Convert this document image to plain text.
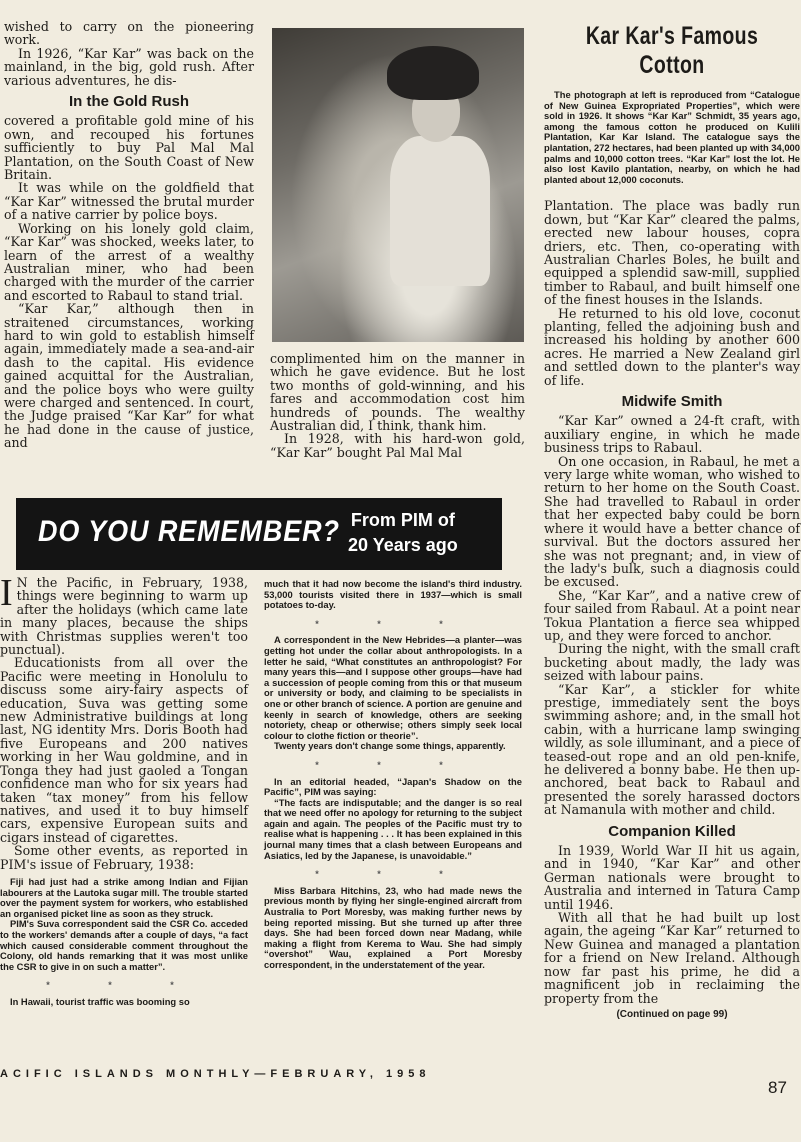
wished to carry on the pioneering work.

In 1926, “Kar Kar” was back on the mainland, in the big, gold rush. After various adventures, he dis-

In the Gold Rush

covered a profitable gold mine of his own, and recouped his fortunes sufficiently to buy Pal Mal Mal Plantation, on the South Coast of New Britain.

It was while on the goldfield that “Kar Kar” witnessed the brutal murder of a native carrier by police boys.

Working on his lonely gold claim, “Kar Kar” was shocked, weeks later, to learn of the arrest of a wealthy Australian miner, who had been charged with the murder of the carrier and escorted to Rabaul to stand trial.

“Kar Kar,” although then in straitened circumstances, working hard to win gold to establish himself again, immediately made a sea-and-air dash to the capital. His evidence gained acquittal for the Australian, and the police boys who were guilty were charged and sentenced. In court, the Judge praised “Kar Kar” for what he had done in the cause of justice, and

complimented him on the manner in which he gave evidence. But he lost two months of gold-winning, and his fares and accommodation cost him hundreds of pounds. The wealthy Australian did, I think, thank him.

In 1928, with his hard-won gold, “Kar Kar” bought Pal Mal Mal

Kar Kar's Famous Cotton

The photograph at left is reproduced from “Catalogue of New Guinea Expropriated Properties”, which were sold in 1926. It shows “Kar Kar” Schmidt, 35 years ago, among the famous cotton he produced on Kulili Plantation, Kar Kar Island. The catalogue says the plantation, 272 hectares, had been planted up with 34,000 palms and 10,000 cotton trees. “Kar Kar” lost the lot. He also lost Kavilo plantation, nearby, on which he had planted about 12,000 coconuts.

Plantation. The place was badly run down, but “Kar Kar” cleared the palms, erected new labour houses, copra driers, etc. Then, co-operating with Australian Charles Boles, he built and equipped a splendid saw-mill, supplied timber to Rabaul, and built himself one of the finest houses in the Islands.

He returned to his old love, coconut planting, felled the adjoining bush and increased his holding by another 600 acres. He married a New Zealand girl and settled down to the planter's way of life.

Midwife Smith

“Kar Kar” owned a 24-ft craft, with auxiliary engine, in which he made business trips to Rabaul.

On one occasion, in Rabaul, he met a very large white woman, who wished to return to her home on the South Coast. She had travelled to Rabaul in order that her expected baby could be born where it would have a better chance of survival. But the doctors assured her she was not pregnant; and, in view of the lady's bulk, such a diagnosis could be excused.

She, “Kar Kar”, and a native crew of four sailed from Rabaul. At a point near Tokua Plantation a fierce sea whipped up, and they were forced to anchor.

During the night, with the small craft bucketing about madly, the lady was seized with labour pains.

“Kar Kar”, a stickler for white prestige, immediately sent the boys swimming ashore; and, in the small hot cabin, with a hurricane lamp swinging wildly, as sole illuminant, and a piece of teased-out rope and an old pen-knife, he delivered a bonny babe. He then up-anchored, beat back to Rabaul and presented the sorely harassed doctors at Namanula with mother and child.

Companion Killed

In 1939, World War II hit us again, and in 1940, “Kar Kar” and other German nationals were brought to Australia and interned in Tatura Camp until 1946.

With all that he had built up lost again, the ageing “Kar Kar” returned to New Guinea and managed a plantation for a friend on New Ireland. Although now far past his prime, he did a magnificent job in reclaiming the property from the

(Continued on page 99)
DO YOU REMEMBER? From PIM of
20 Years ago

I N the Pacific, in February, 1938, things were beginning to warm up after the holidays (which came late in many places, because the ships with Christmas supplies weren't too punctual).

Educationists from all over the Pacific were meeting in Honolulu to discuss some airy-fairy aspects of education, Suva was getting some new Administrative buildings at long last, NG identity Mrs. Doris Booth had five Europeans and 200 natives working in her Wau goldmine, and in Tonga they had just gaoled a Tongan confidence man who for six years had taken “tax money” from his fellow natives, and used it to buy himself cars, expensive European suits and cigars instead of cigarettes.

Some other events, as reported in PIM's issue of February, 1938:

Fiji had just had a strike among Indian and Fijian labourers at the Lautoka sugar mill. The trouble started over the payment system for workers, who established an organised picket line as soon as they struck.

PIM's Suva correspondent said the CSR Co. acceded to the workers' demands after a couple of days, “a fact which caused considerable comment throughout the Colony, old hands remarking that it was most unlike the CSR to give in on such a matter”.

* * *

In Hawaii, tourist traffic was booming so

much that it had now become the island's third industry. 53,000 tourists visited there in 1937—which is small potatoes to-day.

* * *

A correspondent in the New Hebrides—a planter—was getting hot under the collar about anthropologists. In a letter he said, “What constitutes an anthropologist? For many years this—and I suppose other groups—have had a succession of people coming from this or that museum or university or body, and claiming to be specialists in one or other branch of science. A portion are genuine and keenly in search of knowledge, others are seeking notoriety, cheap or otherwise; others simply seek local colour to clothe fiction or theorie”.

Twenty years don't change some things, apparently.

* * *

In an editorial headed, “Japan's Shadow on the Pacific”, PIM was saying:

“The facts are indisputable; and the danger is so real that we need offer no apology for returning to the subject again and again. The peoples of the Pacific must try to realise what is happening . . . It has been explained in this journal many times that a clash between Europeans and Asiatics, led by the Japanese, is unavoidable.”

* * *

Miss Barbara Hitchins, 23, who had made news the previous month by flying her single-engined aircraft from Australia to Port Moresby, was making further news by being reported missing. But she turned up after three days. She had been forced down near Madang, while making a flight from Kerema to Wau. She had simply “overshot” Wau, explained a Port Moresby correspondent, in the understatement of the year.

ACIFIC ISLANDS MONTHLY—FEBRUARY, 1958
87
